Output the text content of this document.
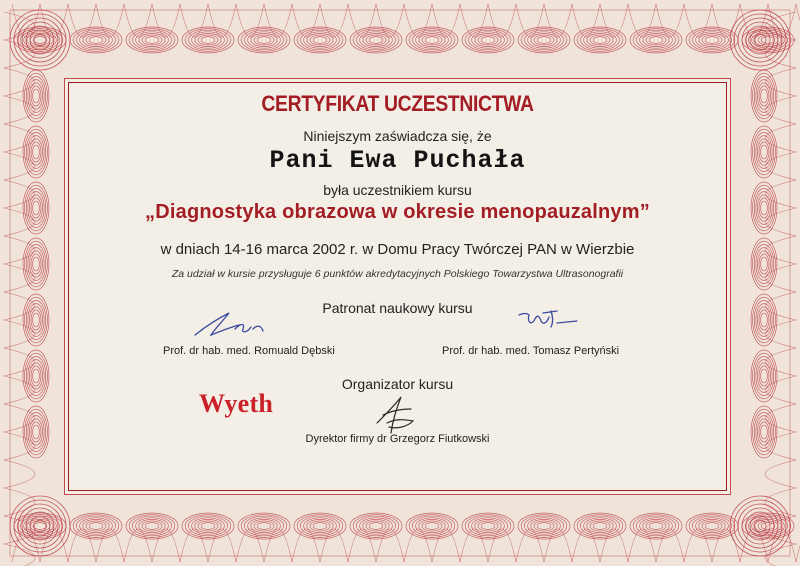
CERTYFIKAT UCZESTNICTWA
Niniejszym zaświadcza się, że
Pani Ewa Puchała
była uczestnikiem kursu
„Diagnostyka obrazowa w okresie menopauzalnym”
w dniach 14-16 marca 2002 r. w Domu Pracy Twórczej PAN w Wierzbie
Za udział w kursie przysługuje 6 punktów akredytacyjnych Polskiego Towarzystwa Ultrasonografii
Patronat naukowy kursu
Prof. dr hab. med. Romuald Dębski	Prof. dr hab. med. Tomasz Pertyński
Organizator kursu
Wyeth
Dyrektor firmy dr Grzegorz Fiutkowski
